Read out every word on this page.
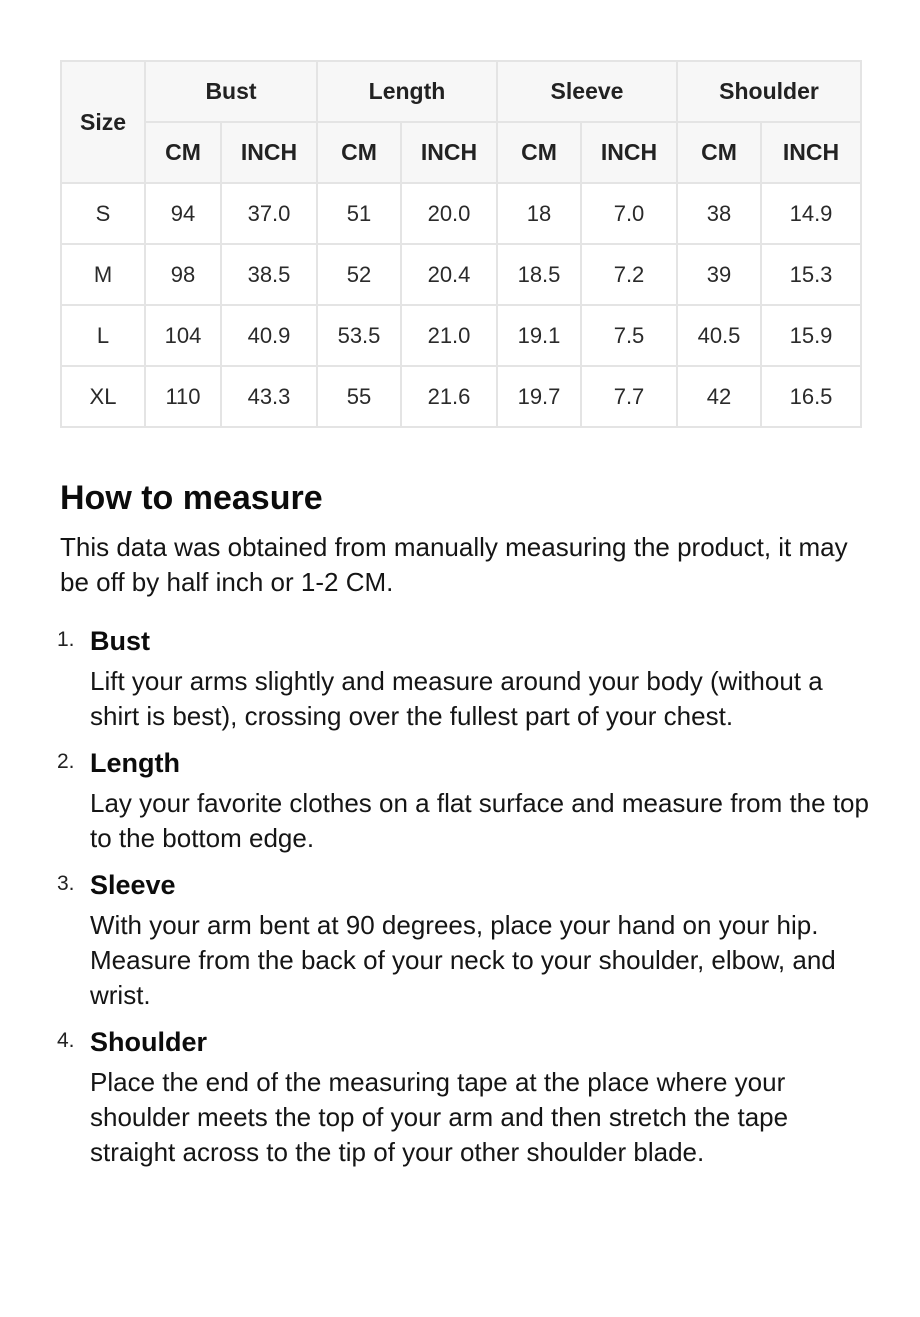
Size	Bust		Length		Sleeve		Shoulder	
	CM	INCH	CM	INCH	CM	INCH	CM	INCH
S	94	37.0	51	20.0	18	7.0	38	14.9
M	98	38.5	52	20.4	18.5	7.2	39	15.3
L	104	40.9	53.5	21.0	19.1	7.5	40.5	15.9
XL	110	43.3	55	21.6	19.7	7.7	42	16.5
How to measure

This data was obtained from manually measuring the product, it may be off by half inch or 1-2 CM.

1. Bust
Lift your arms slightly and measure around your body (without a shirt is best), crossing over the fullest part of your chest.
2. Length
Lay your favorite clothes on a flat surface and measure from the top to the bottom edge.
3. Sleeve
With your arm bent at 90 degrees, place your hand on your hip. Measure from the back of your neck to your shoulder, elbow, and wrist.
4. Shoulder
Place the end of the measuring tape at the place where your shoulder meets the top of your arm and then stretch the tape straight across to the tip of your other shoulder blade.
